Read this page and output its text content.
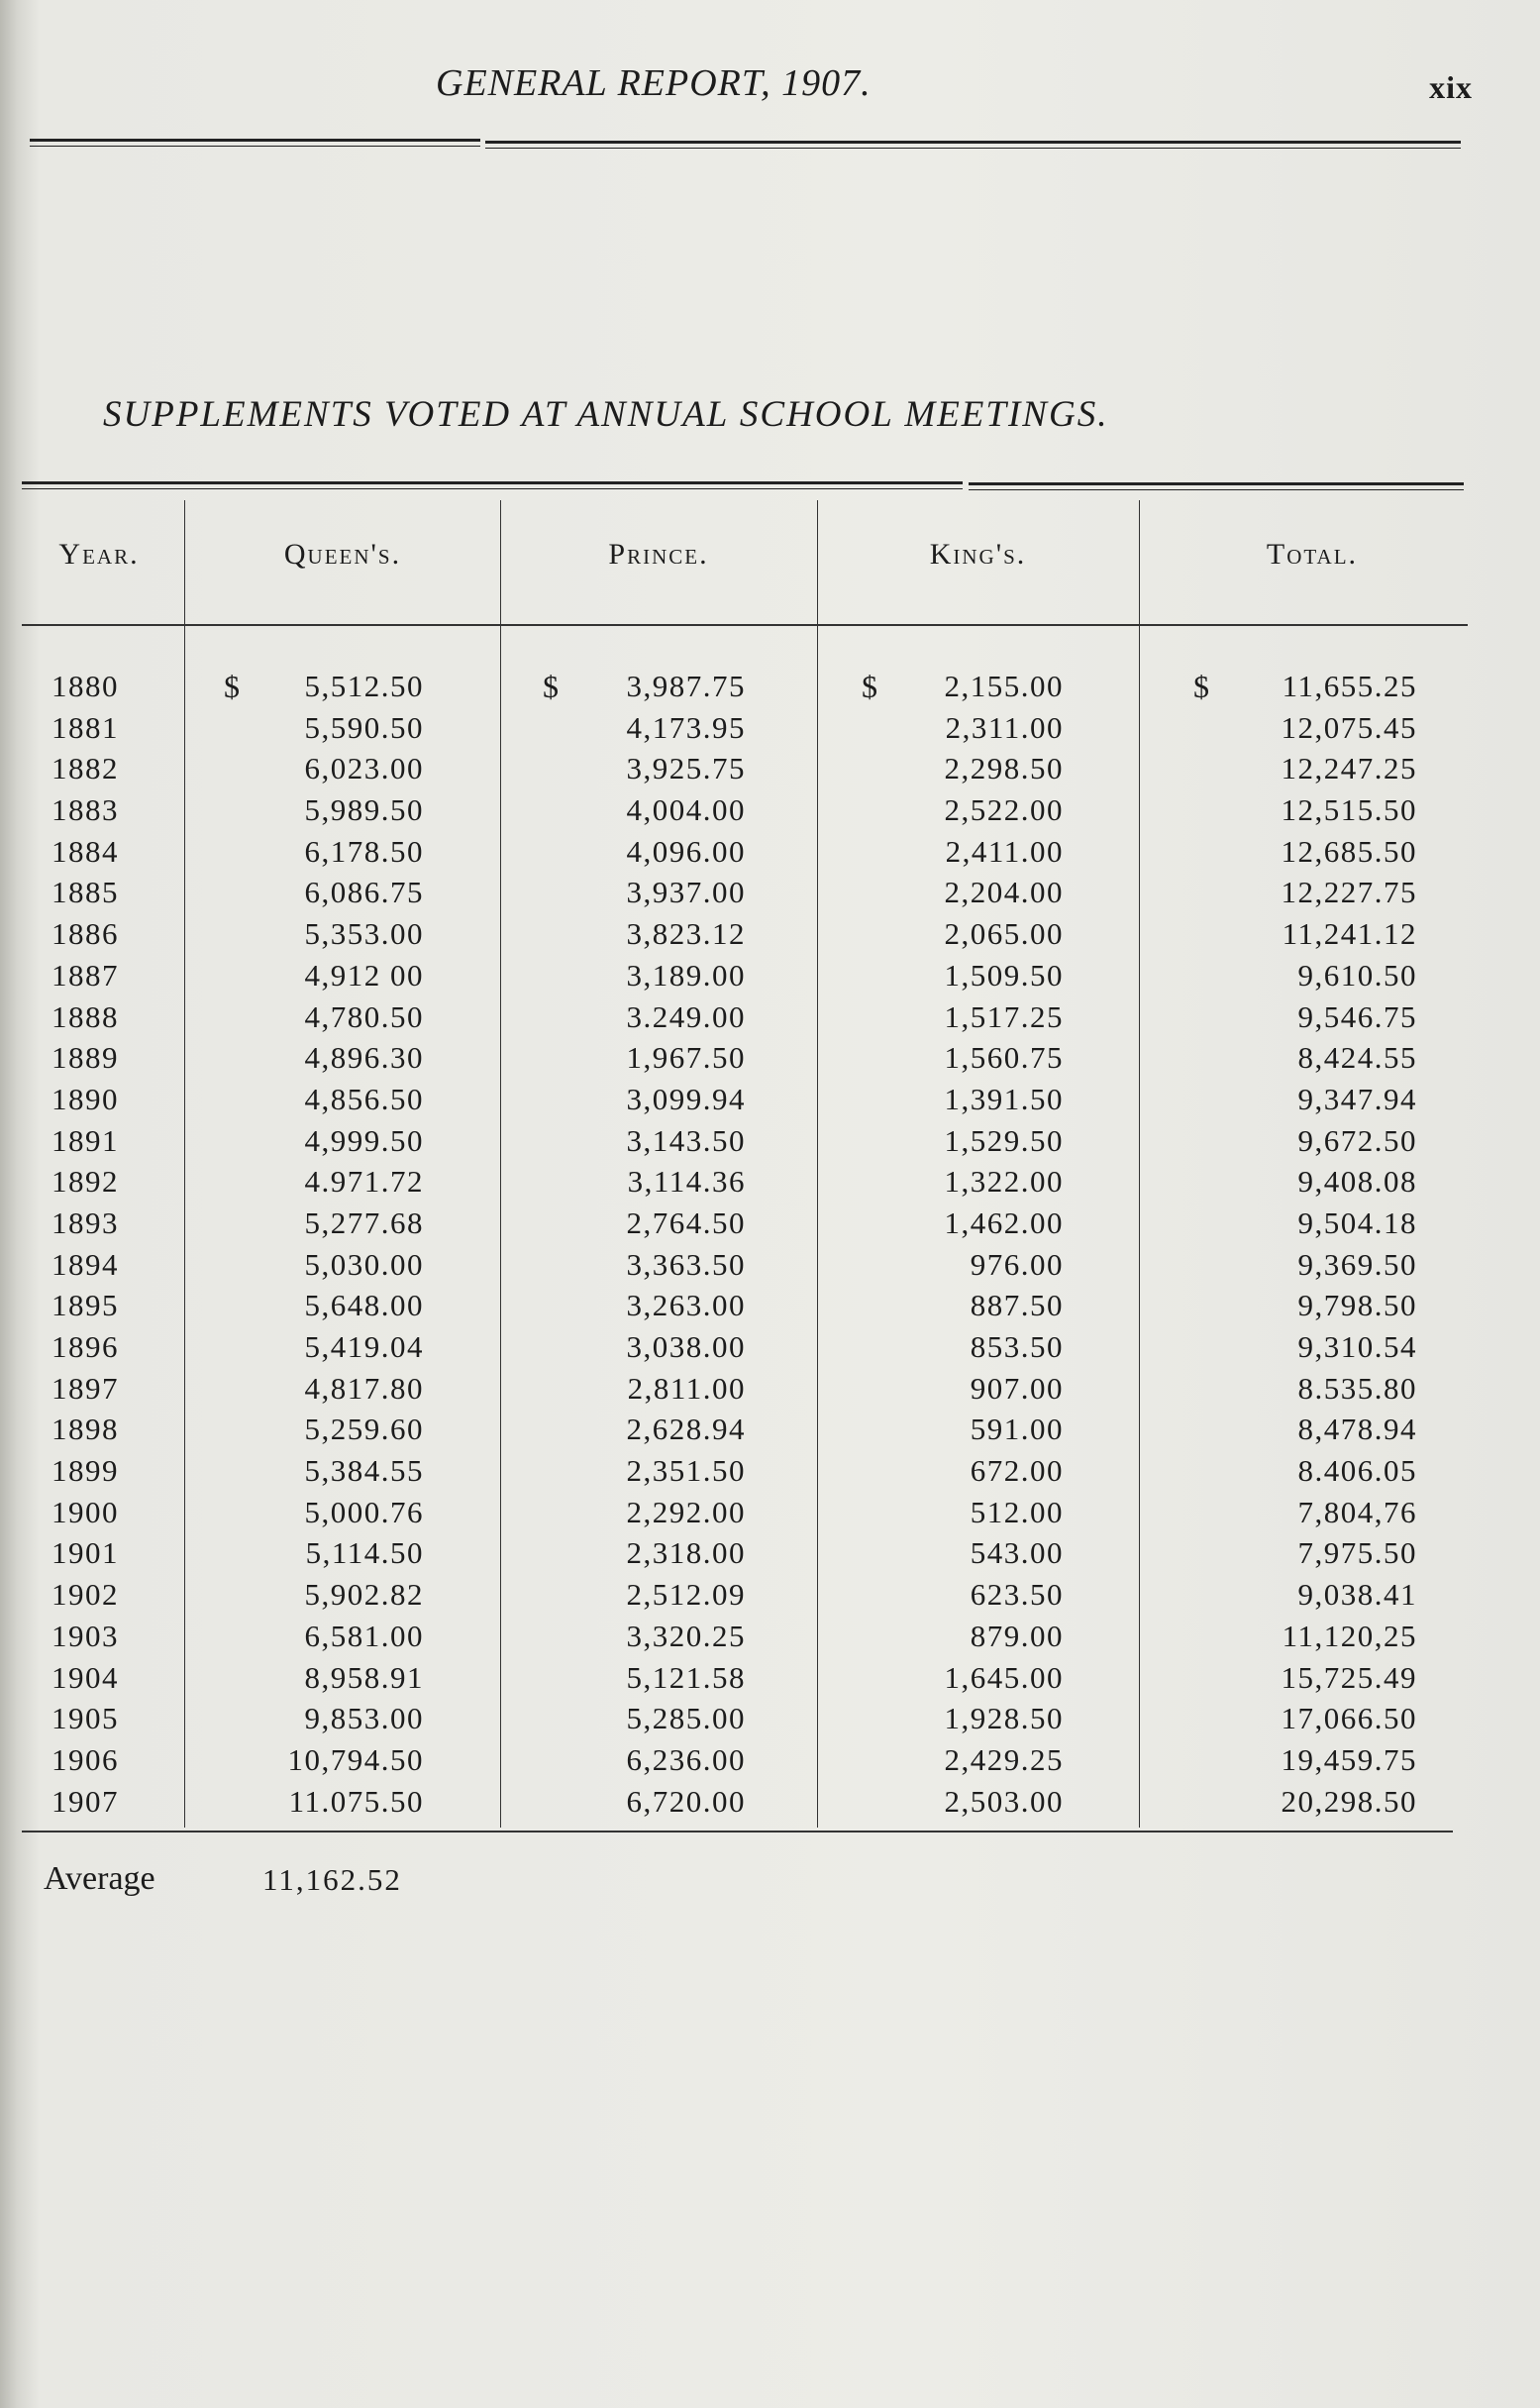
GENERAL REPORT, 1907.	xix
SUPPLEMENTS VOTED AT ANNUAL SCHOOL MEETINGS.
Year.	Queen's.	Prince.	King's.	Total.
$	$	$	$
1880	5,512.50	3,987.75	2,155.00	11,655.25
1881	5,590.50	4,173.95	2,311.00	12,075.45
1882	6,023.00	3,925.75	2,298.50	12,247.25
1883	5,989.50	4,004.00	2,522.00	12,515.50
1884	6,178.50	4,096.00	2,411.00	12,685.50
1885	6,086.75	3,937.00	2,204.00	12,227.75
1886	5,353.00	3,823.12	2,065.00	11,241.12
1887	4,912 00	3,189.00	1,509.50	9,610.50
1888	4,780.50	3.249.00	1,517.25	9,546.75
1889	4,896.30	1,967.50	1,560.75	8,424.55
1890	4,856.50	3,099.94	1,391.50	9,347.94
1891	4,999.50	3,143.50	1,529.50	9,672.50
1892	4.971.72	3,114.36	1,322.00	9,408.08
1893	5,277.68	2,764.50	1,462.00	9,504.18
1894	5,030.00	3,363.50	976.00	9,369.50
1895	5,648.00	3,263.00	887.50	9,798.50
1896	5,419.04	3,038.00	853.50	9,310.54
1897	4,817.80	2,811.00	907.00	8.535.80
1898	5,259.60	2,628.94	591.00	8,478.94
1899	5,384.55	2,351.50	672.00	8.406.05
1900	5,000.76	2,292.00	512.00	7,804,76
1901	5,114.50	2,318.00	543.00	7,975.50
1902	5,902.82	2,512.09	623.50	9,038.41
1903	6,581.00	3,320.25	879.00	11,120,25
1904	8,958.91	5,121.58	1,645.00	15,725.49
1905	9,853.00	5,285.00	1,928.50	17,066.50
1906	10,794.50	6,236.00	2,429.25	19,459.75
1907	11.075.50	6,720.00	2,503.00	20,298.50
Average	11,162.52
